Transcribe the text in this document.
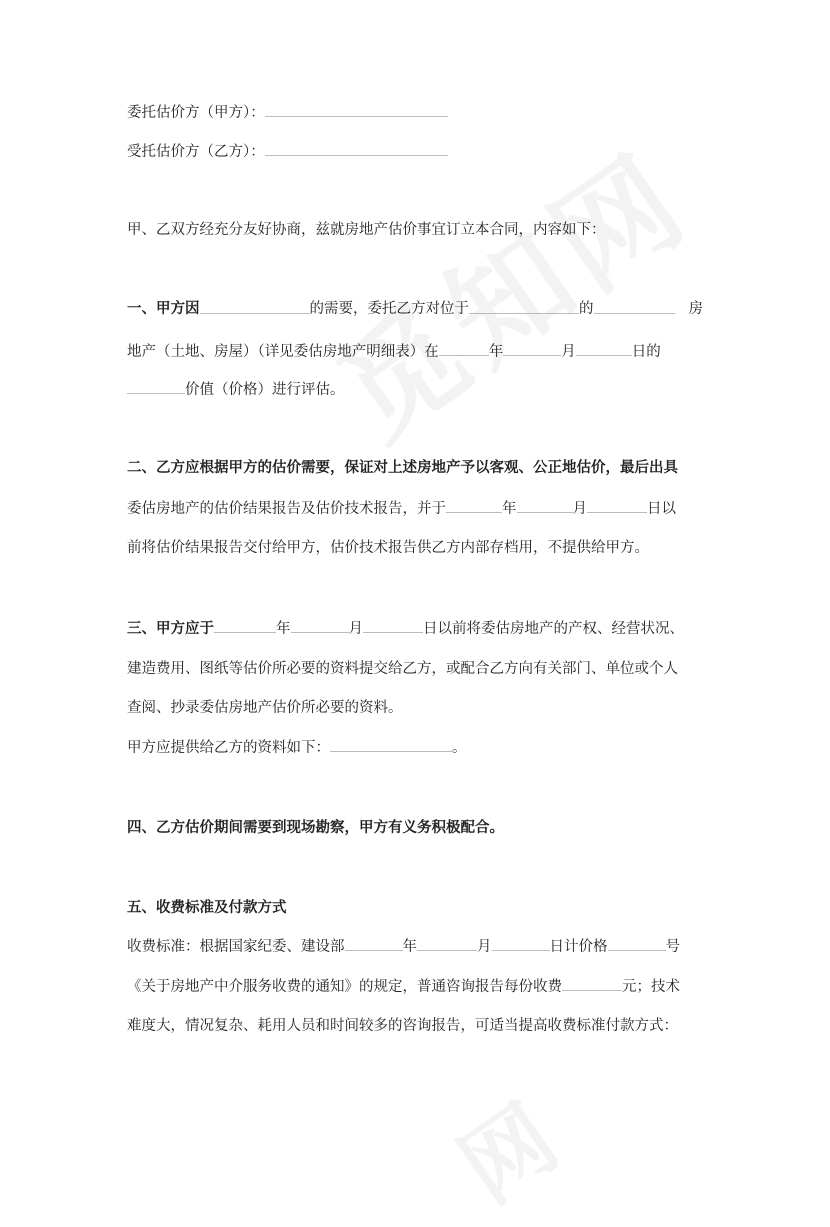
委托估价方（甲方）：
受托估价方（乙方）：
甲、乙双方经充分友好协商，兹就房地产估价事宜订立本合同，内容如下：
一、甲方因	的需要，委托乙方对位于	的	房
地产（土地、房屋）（详见委估房地产明细表）在	年	月	日的
价值（价格）进行评估。
二、乙方应根据甲方的估价需要，保证对上述房地产予以客观、公正地估价，最后出具
委估房地产的估价结果报告及估价技术报告，并于	年	月	日以
前将估价结果报告交付给甲方，估价技术报告供乙方内部存档用，不提供给甲方。
三、甲方应于	年	月	日以前将委估房地产的产权、经营状况、
建造费用、图纸等估价所必要的资料提交给乙方，或配合乙方向有关部门、单位或个人
查阅、抄录委估房地产估价所必要的资料。
甲方应提供给乙方的资料如下：	。
四、乙方估价期间需要到现场勘察，甲方有义务积极配合。
五、收费标准及付款方式
收费标准：根据国家纪委、建设部	年	月	日计价格	号
《关于房地产中介服务收费的通知》的规定，普通咨询报告每份收费	元；技术
难度大，情况复杂、耗用人员和时间较多的咨询报告，可适当提高收费标准付款方式：
